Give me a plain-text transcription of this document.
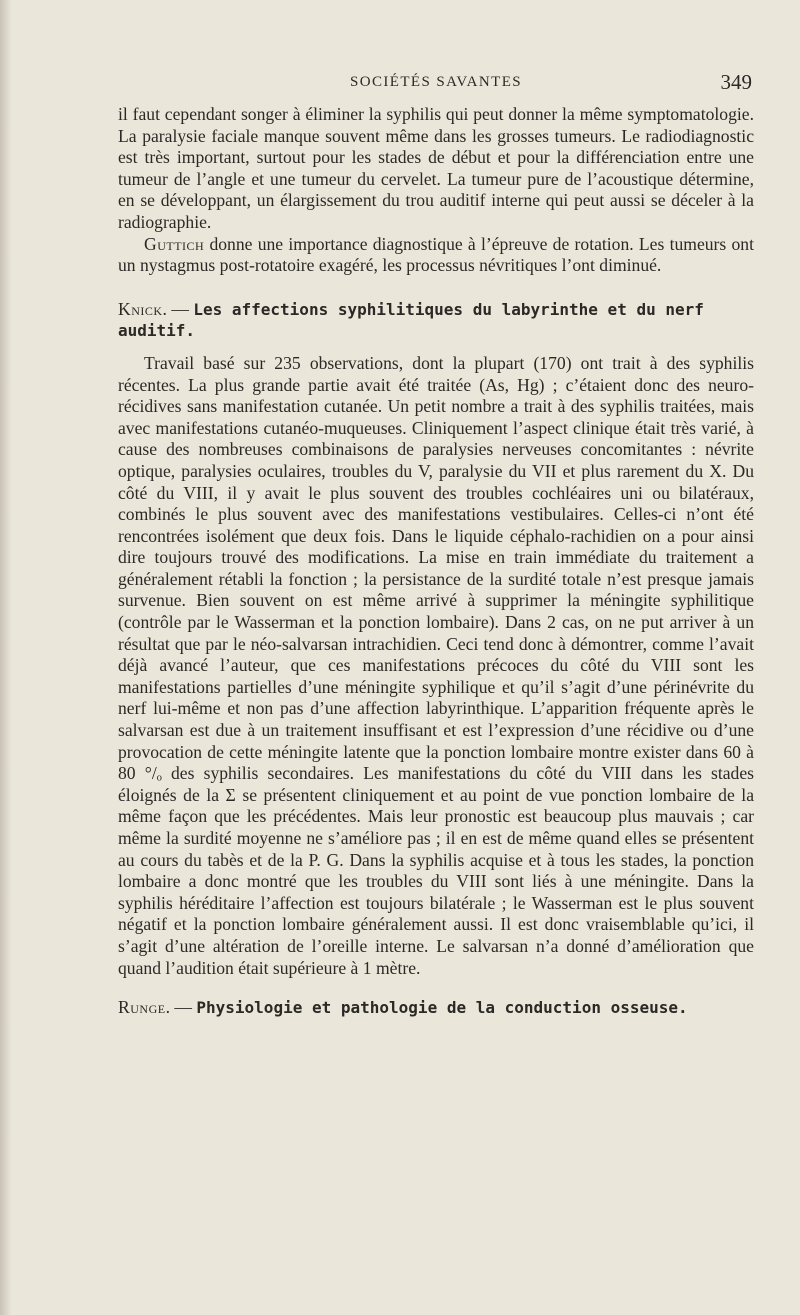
SOCIÉTÉS SAVANTES	349

il faut cependant songer à éliminer la syphilis qui peut donner la même symptomatologie. La paralysie faciale manque souvent même dans les grosses tumeurs. Le radiodiagnostic est très important, surtout pour les stades de début et pour la différenciation entre une tumeur de l’angle et une tumeur du cervelet. La tumeur pure de l’acoustique détermine, en se développant, un élargissement du trou auditif interne qui peut aussi se déceler à la radiographie.

Guttich donne une importance diagnostique à l’épreuve de rotation. Les tumeurs ont un nystagmus post-rotatoire exagéré, les processus névritiques l’ont diminué.

Knick. — Les affections syphilitiques du labyrinthe et du nerf auditif.

Travail basé sur 235 observations, dont la plupart (170) ont trait à des syphilis récentes. La plus grande partie avait été traitée (As, Hg) ; c’étaient donc des neuro-récidives sans manifestation cutanée. Un petit nombre a trait à des syphilis traitées, mais avec manifestations cutanéo-muqueuses. Cliniquement l’aspect clinique était très varié, à cause des nombreuses combinaisons de paralysies nerveuses concomitantes : névrite optique, paralysies oculaires, troubles du V, paralysie du VII et plus rarement du X. Du côté du VIII, il y avait le plus souvent des troubles cochléaires uni ou bilatéraux, combinés le plus souvent avec des manifestations vestibulaires. Celles-ci n’ont été rencontrées isolément que deux fois. Dans le liquide céphalo-rachidien on a pour ainsi dire toujours trouvé des modifications. La mise en train immédiate du traitement a généralement rétabli la fonction ; la persistance de la surdité totale n’est presque jamais survenue. Bien souvent on est même arrivé à supprimer la méningite syphilitique (contrôle par le Wasserman et la ponction lombaire). Dans 2 cas, on ne put arriver à un résultat que par le néo-salvarsan intrachidien. Ceci tend donc à démontrer, comme l’avait déjà avancé l’auteur, que ces manifestations précoces du côté du VIII sont les manifestations partielles d’une méningite syphilique et qu’il s’agit d’une périnévrite du nerf lui-même et non pas d’une affection labyrinthique. L’apparition fréquente après le salvarsan est due à un traitement insuffisant et est l’expression d’une récidive ou d’une provocation de cette méningite latente que la ponction lombaire montre exister dans 60 à 80 °/ₒ des syphilis secondaires. Les manifestations du côté du VIII dans les stades éloignés de la Σ se présentent cliniquement et au point de vue ponction lombaire de la même façon que les précédentes. Mais leur pronostic est beaucoup plus mauvais ; car même la surdité moyenne ne s’améliore pas ; il en est de même quand elles se présentent au cours du tabès et de la P. G. Dans la syphilis acquise et à tous les stades, la ponction lombaire a donc montré que les troubles du VIII sont liés à une méningite. Dans la syphilis héréditaire l’affection est toujours bilatérale ; le Wasserman est le plus souvent négatif et la ponction lombaire généralement aussi. Il est donc vraisemblable qu’ici, il s’agit d’une altération de l’oreille interne. Le salvarsan n’a donné d’amélioration que quand l’audition était supérieure à 1 mètre.

Runge. — Physiologie et pathologie de la conduction osseuse.
